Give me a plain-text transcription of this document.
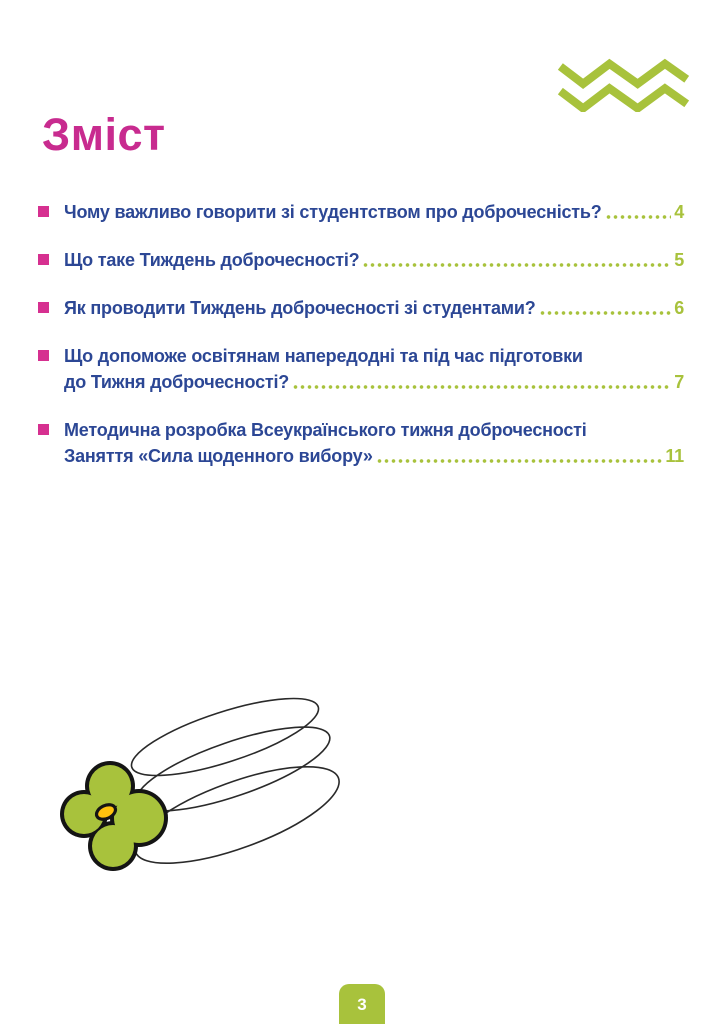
Зміст
Чому важливо говорити зі студентством про доброчесність?	4
Що таке Тиждень доброчесності?	5
Як проводити Тиждень доброчесності зі студентами?	6
Що допоможе освітянам напередодні та під час підготовки
до Тижня доброчесності?	7
Методична розробка Всеукраїнського тижня доброчесності
Заняття «Сила щоденного вибору»	11
3
